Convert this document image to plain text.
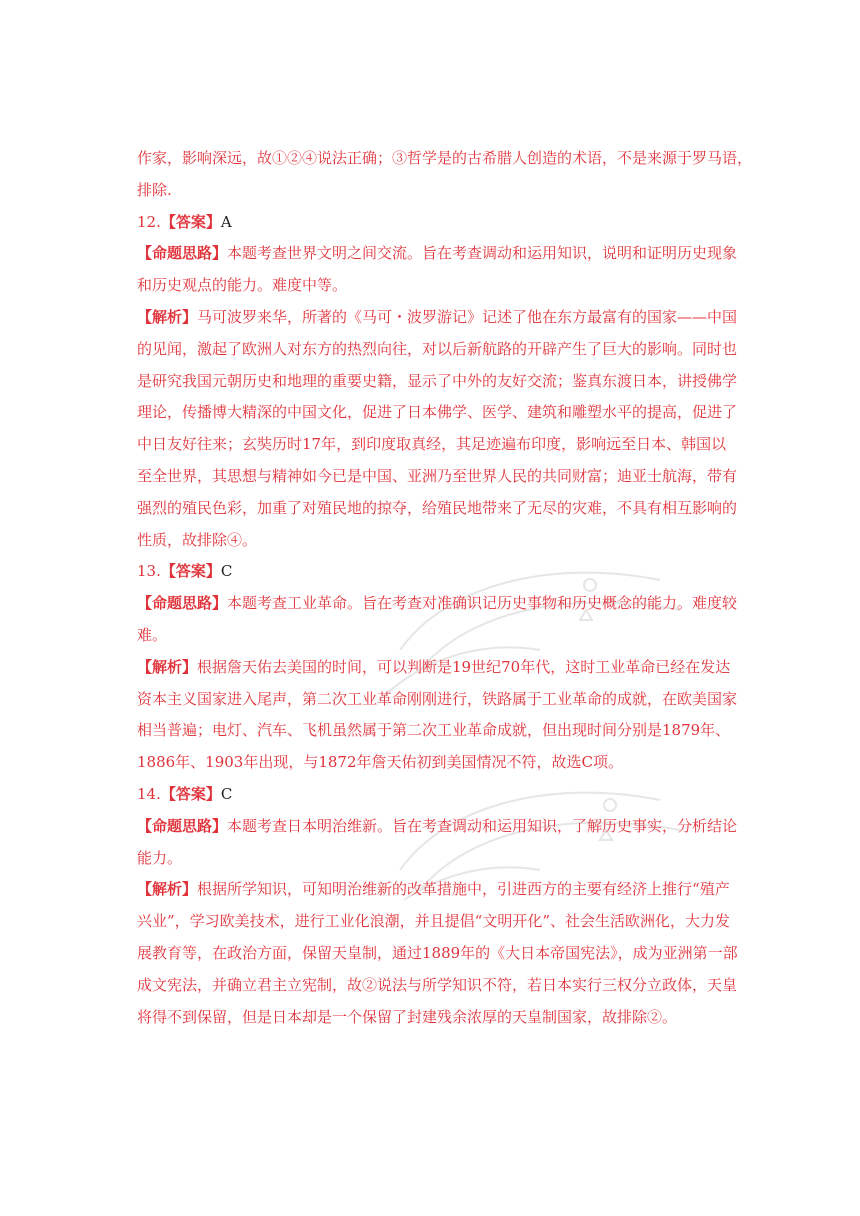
作家，影响深远，故①②④说法正确；③哲学是的古希腊人创造的术语，不是来源于罗马语，
排除.
12.【答案】A
【命题思路】本题考查世界文明之间交流。旨在考查调动和运用知识，说明和证明历史现象
和历史观点的能力。难度中等。
【解析】马可波罗来华，所著的《马可・波罗游记》记述了他在东方最富有的国家——中国
的见闻，激起了欧洲人对东方的热烈向往，对以后新航路的开辟产生了巨大的影响。同时也
是研究我国元朝历史和地理的重要史籍，显示了中外的友好交流；鉴真东渡日本，讲授佛学
理论，传播博大精深的中国文化，促进了日本佛学、医学、建筑和雕塑水平的提高，促进了
中日友好往来；玄奘历时17年，到印度取真经，其足迹遍布印度，影响远至日本、韩国以
至全世界，其思想与精神如今已是中国、亚洲乃至世界人民的共同财富；迪亚士航海，带有
强烈的殖民色彩，加重了对殖民地的掠夺，给殖民地带来了无尽的灾难，不具有相互影响的
性质，故排除④。
13.【答案】C
【命题思路】本题考查工业革命。旨在考查对准确识记历史事物和历史概念的能力。难度较
难。
【解析】根据詹天佑去美国的时间，可以判断是19世纪70年代，这时工业革命已经在发达
资本主义国家进入尾声，第二次工业革命刚刚进行，铁路属于工业革命的成就，在欧美国家
相当普遍；电灯、汽车、飞机虽然属于第二次工业革命成就，但出现时间分别是1879年、
1886年、1903年出现，与1872年詹天佑初到美国情况不符，故选C项。
14.【答案】C
【命题思路】本题考查日本明治维新。旨在考查调动和运用知识，了解历史事实，分析结论
能力。
【解析】根据所学知识，可知明治维新的改革措施中，引进西方的主要有经济上推行“殖产
兴业”，学习欧美技术，进行工业化浪潮，并且提倡“文明开化”、社会生活欧洲化，大力发
展教育等，在政治方面，保留天皇制，通过1889年的《大日本帝国宪法》，成为亚洲第一部
成文宪法，并确立君主立宪制，故②说法与所学知识不符，若日本实行三权分立政体，天皇
将得不到保留，但是日本却是一个保留了封建残余浓厚的天皇制国家，故排除②。
